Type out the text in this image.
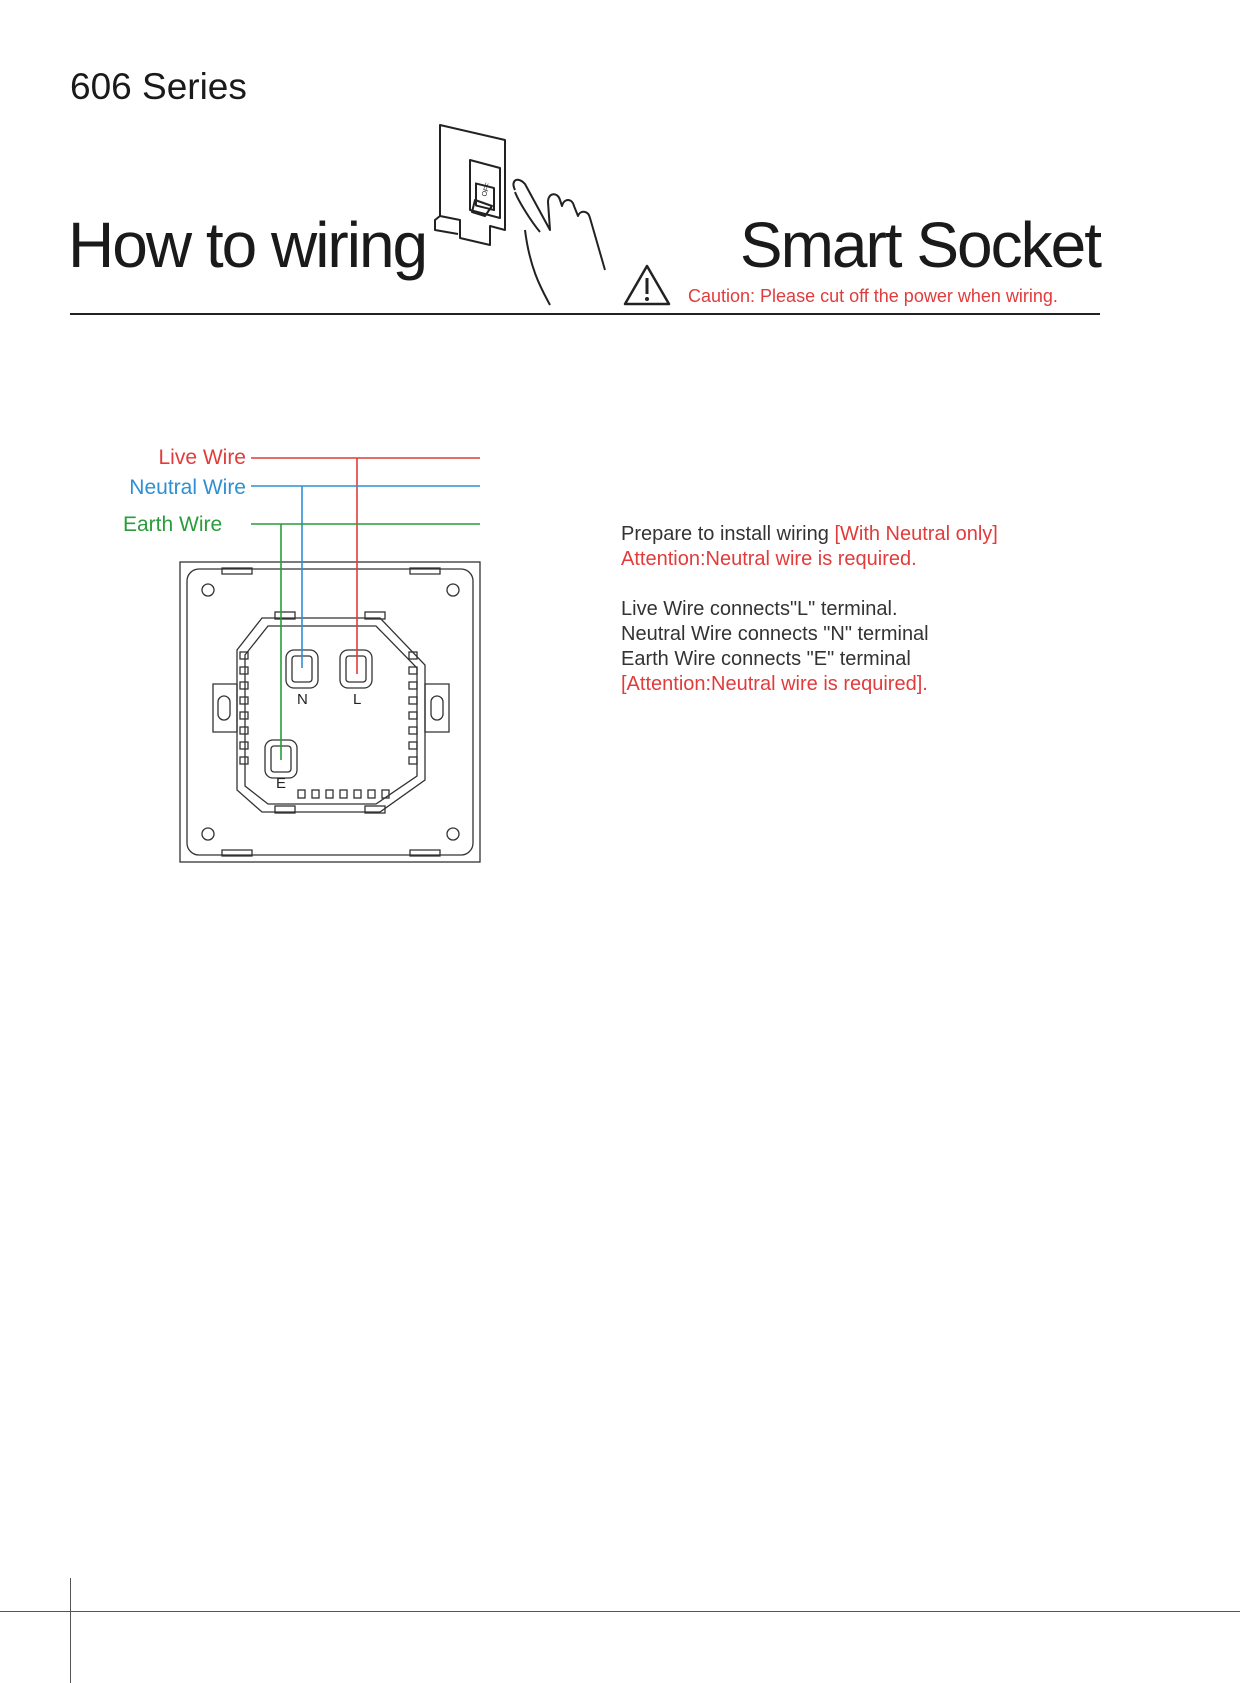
606 Series
How to wiring	Smart Socket
OFF
Caution: Please cut off the power when wiring.
Live Wire
Neutral Wire
Earth Wire
N	L
E
Prepare to install wiring [With Neutral only]
Attention:Neutral wire is required.
Live Wire connects"L" terminal.
Neutral Wire connects "N" terminal
Earth Wire connects "E" terminal
[Attention:Neutral wire is required].
